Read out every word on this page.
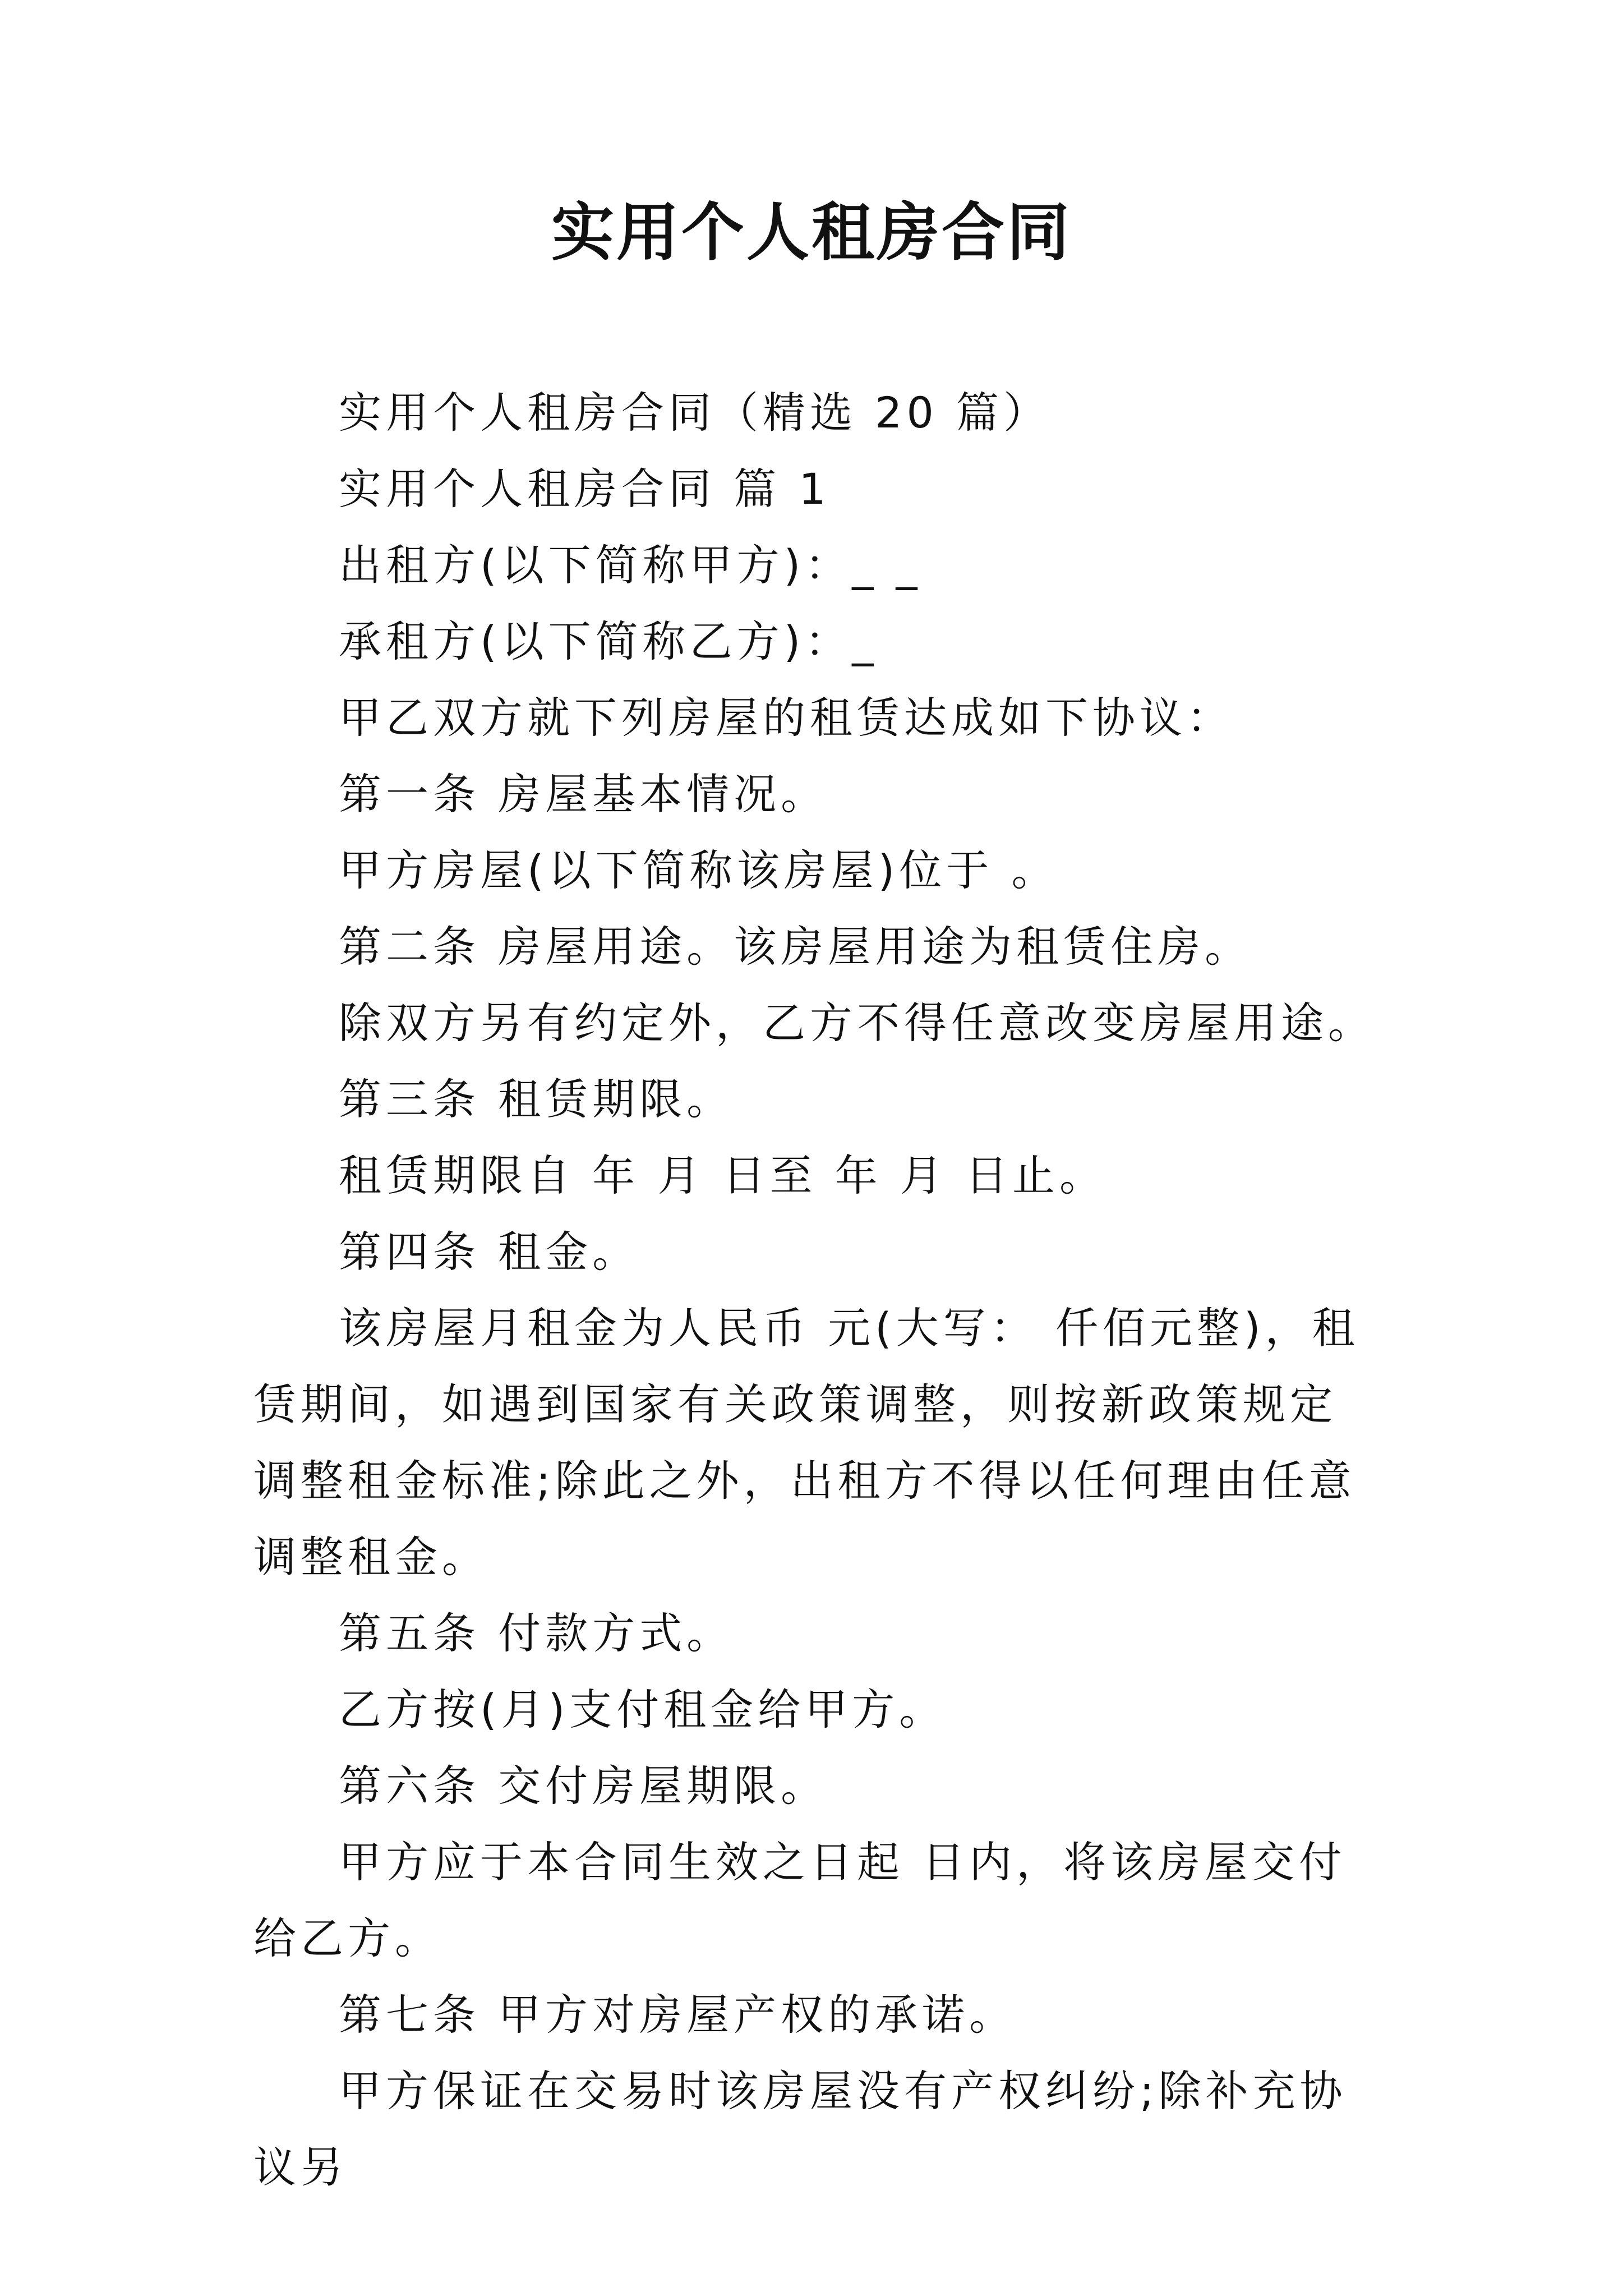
实用个人租房合同

实用个人租房合同（精选 20 篇）

实用个人租房合同 篇 1

出租方(以下简称甲方)：_ _

承租方(以下简称乙方)：_

甲乙双方就下列房屋的租赁达成如下协议：

第一条 房屋基本情况。

甲方房屋(以下简称该房屋)位于 。

第二条 房屋用途。该房屋用途为租赁住房。

除双方另有约定外，乙方不得任意改变房屋用途。

第三条 租赁期限。

租赁期限自 年 月 日至 年 月 日止。

第四条 租金。

该房屋月租金为人民币 元(大写： 仟佰元整)，租赁期间，如遇到国家有关政策调整，则按新政策规定调整租金标准;除此之外，出租方不得以任何理由任意调整租金。

第五条 付款方式。

乙方按(月)支付租金给甲方。

第六条 交付房屋期限。

甲方应于本合同生效之日起 日内，将该房屋交付给乙方。

第七条 甲方对房屋产权的承诺。

甲方保证在交易时该房屋没有产权纠纷;除补充协议另
